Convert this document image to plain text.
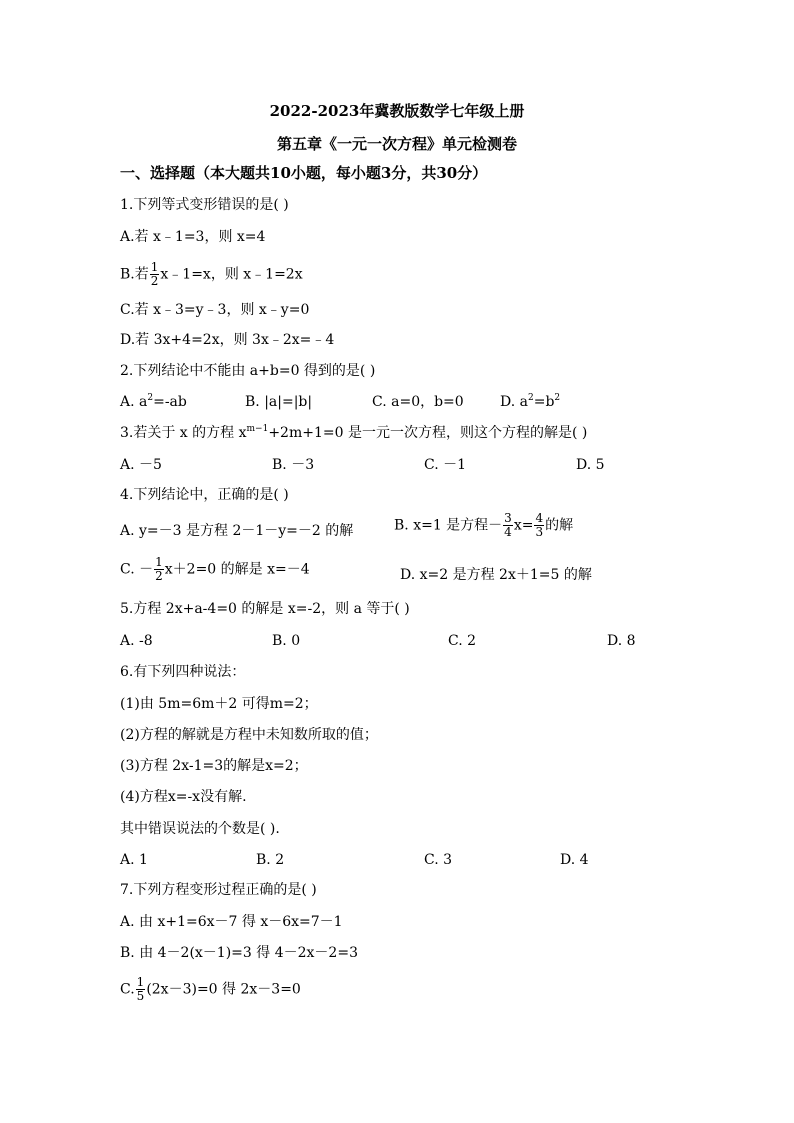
2022-2023年冀教版数学七年级上册
第五章《一元一次方程》单元检测卷
一、选择题（本大题共10小题，每小题3分，共30分）
1.下列等式变形错误的是( )
A.若 x﹣1=3，则 x=4
B.若 $\frac{1}{2}$ x﹣1=x，则 x﹣1=2x
C.若 x﹣3=y﹣3，则 x﹣y=0
D.若 3x+4=2x，则 3x﹣2x=﹣4
2.下列结论中不能由 a+b=0 得到的是( )
A. $a^2=-ab$	B. |a|=|b|	C. a=0，b=0	D. $a^2=b^2$
3.若关于 x 的方程 $x^{m-1}+2m+1=0$ 是一元一次方程，则这个方程的解是( )
A. －5	B. －3	C. －1	D. 5
4.下列结论中，正确的是( )
A. y=－3 是方程 2－1－y=－2 的解	B. x=1 是方程－ $\frac{3}{4} x= \frac{4}{3}$ 的解
C. － $\frac{1}{2} x+2=0$ 的解是 x=－4	D. x=2 是方程 2x＋1=5 的解
5.方程 2x+a-4=0 的解是 x=-2，则 a 等于( )
A. -8	B. 0	C. 2	D. 8
6.有下列四种说法：
(1)由 5m=6m＋2 可得m=2；
(2)方程的解就是方程中未知数所取的值；
(3)方程 2x-1=3的解是x=2；
(4)方程x=-x没有解.
其中错误说法的个数是( ).
A. 1	B. 2	C. 3	D. 4
7.下列方程变形过程正确的是( )
A. 由 x+1=6x－7 得 x－6x=7－1
B. 由 4－2(x－1)=3 得 4－2x－2=3
C. $\frac{1}{5} (2x-3)=0$ 得 2x－3=0
